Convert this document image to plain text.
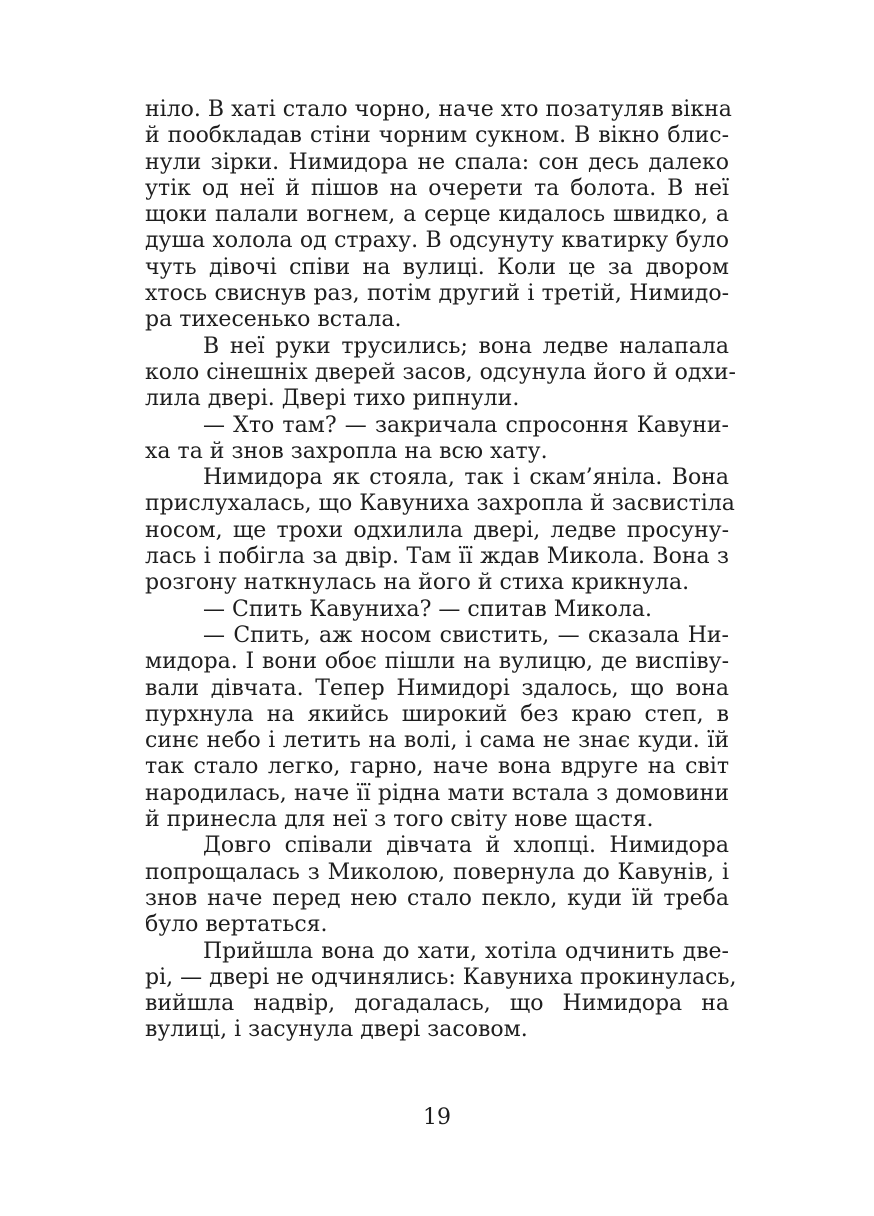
ніло. В хаті стало чорно, наче хто позатуляв вікна
й пообкладав стіни чорним сукном. В вікно блис-
нули зірки. Нимидора не спала: сон десь далеко
утік од неї й пішов на очерети та болота. В неї
щоки палали вогнем, а серце кидалось швидко, а
душа холола од страху. В одсунуту кватирку було
чуть дівочі співи на вулиці. Коли це за двором
хтось свиснув раз, потім другий і третій, Нимидо-
ра тихесенько встала.
В неї руки трусились; вона ледве налапала
коло сінешніх дверей засов, одсунула його й одхи-
лила двері. Двері тихо рипнули.
— Хто там? — закричала спросоння Кавуни-
ха та й знов захропла на всю хату.
Нимидора як стояла, так і скам’яніла. Вона
прислухалась, що Кавуниха захропла й засвистіла
носом, ще трохи одхилила двері, ледве просуну-
лась і побігла за двір. Там її ждав Микола. Вона з
розгону наткнулась на його й стиха крикнула.
— Спить Кавуниха? — спитав Микола.
— Спить, аж носом свистить, — сказала Ни-
мидора. І вони обоє пішли на вулицю, де виспіву-
вали дівчата. Тепер Нимидорі здалось, що вона
пурхнула на якийсь широкий без краю степ, в
синє небо і летить на волі, і сама не знає куди. їй
так стало легко, гарно, наче вона вдруге на світ
народилась, наче її рідна мати встала з домовини
й принесла для неї з того світу нове щастя.
Довго співали дівчата й хлопці. Нимидора
попрощалась з Миколою, повернула до Кавунів, і
знов наче перед нею стало пекло, куди їй треба
було вертаться.
Прийшла вона до хати, хотіла одчинить две-
рі, — двері не одчинялись: Кавуниха прокинулась,
вийшла надвір, догадалась, що Нимидора на
вулиці, і засунула двері засовом.
19
